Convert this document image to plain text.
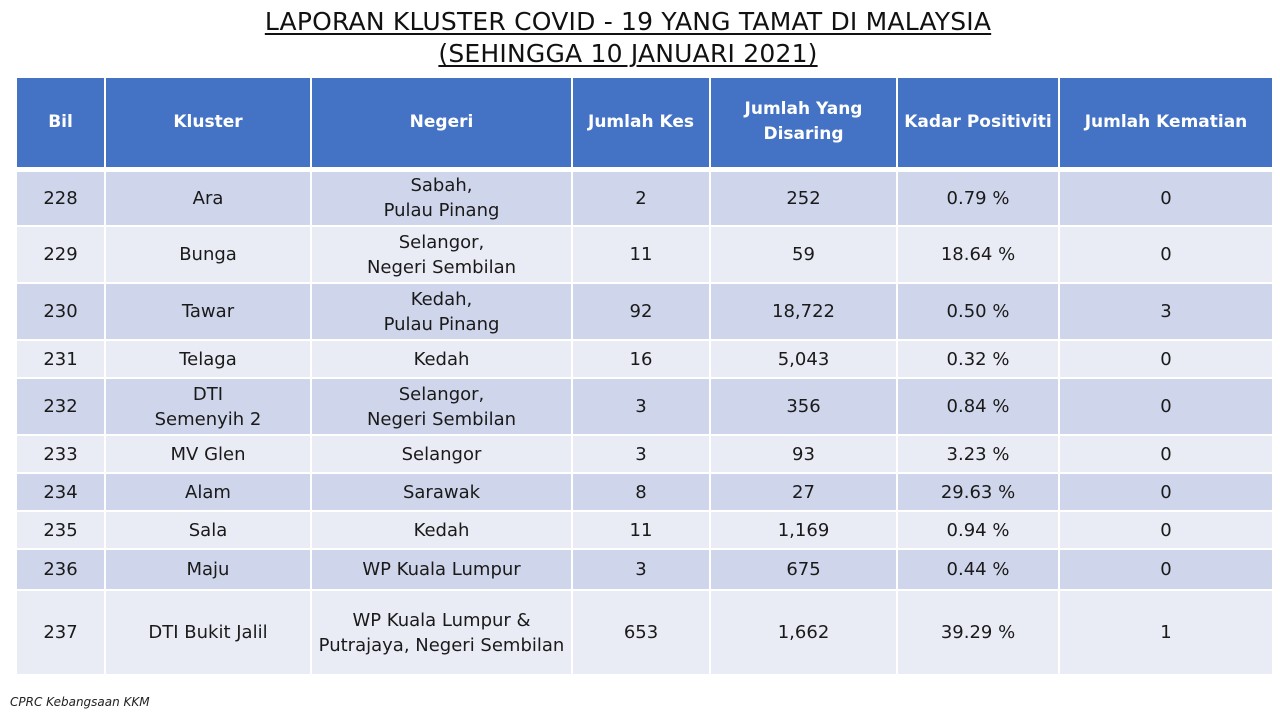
LAPORAN KLUSTER COVID - 19 YANG TAMAT DI MALAYSIA
(SEHINGGA 10 JANUARI 2021)
Bil	Kluster	Negeri	Jumlah Kes	Jumlah Yang
Disaring	Kadar Positiviti	Jumlah Kematian
228	Ara	Sabah,
Pulau Pinang	2	252	0.79 %	0
229	Bunga	Selangor,
Negeri Sembilan	11	59	18.64 %	0
230	Tawar	Kedah,
Pulau Pinang	92	18,722	0.50 %	3
231	Telaga	Kedah	16	5,043	0.32 %	0
232	DTI
Semenyih 2	Selangor,
Negeri Sembilan	3	356	0.84 %	0
233	MV Glen	Selangor	3	93	3.23 %	0
234	Alam	Sarawak	8	27	29.63 %	0
235	Sala	Kedah	11	1,169	0.94 %	0
236	Maju	WP Kuala Lumpur	3	675	0.44 %	0
237	DTI Bukit Jalil	WP Kuala Lumpur &
Putrajaya, Negeri Sembilan	653	1,662	39.29 %	1
CPRC Kebangsaan KKM
